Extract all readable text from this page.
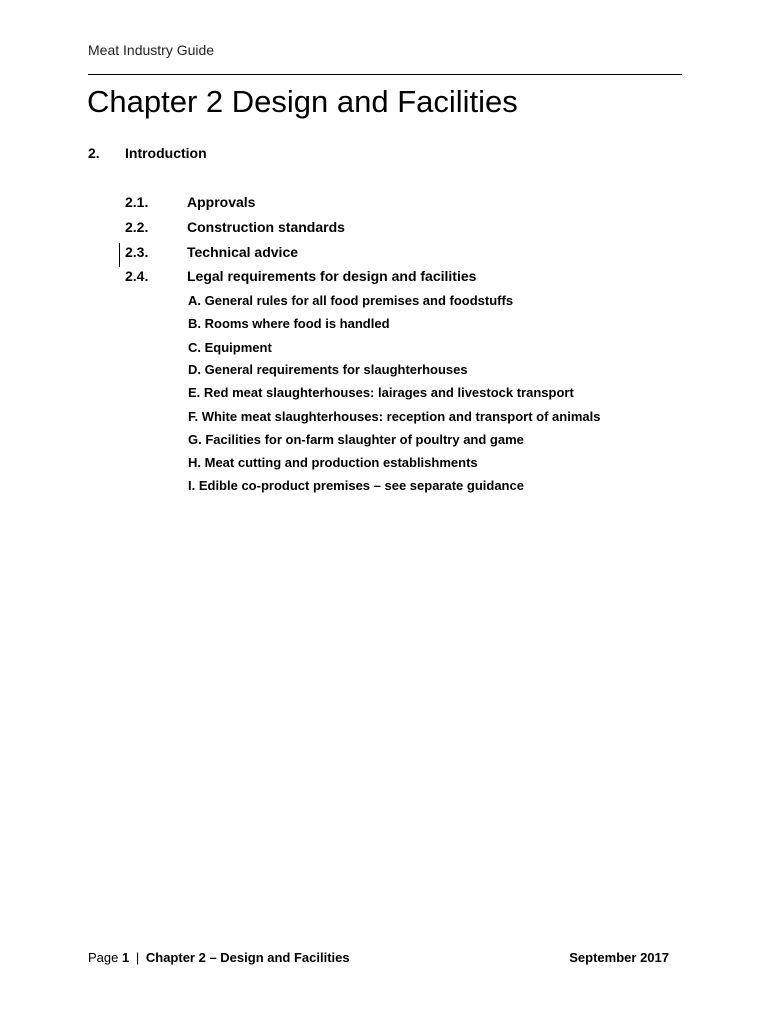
Meat Industry Guide
Chapter 2 Design and Facilities
2. Introduction
2.1.	Approvals
2.2.	Construction standards
2.3.	Technical advice
2.4.	Legal requirements for design and facilities
A. General rules for all food premises and foodstuffs
B. Rooms where food is handled
C. Equipment
D. General requirements for slaughterhouses
E. Red meat slaughterhouses: lairages and livestock transport
F. White meat slaughterhouses: reception and transport of animals
G. Facilities for on-farm slaughter of poultry and game
H. Meat cutting and production establishments
I. Edible co-product premises – see separate guidance
Page 1 | Chapter 2 – Design and Facilities	September 2017
